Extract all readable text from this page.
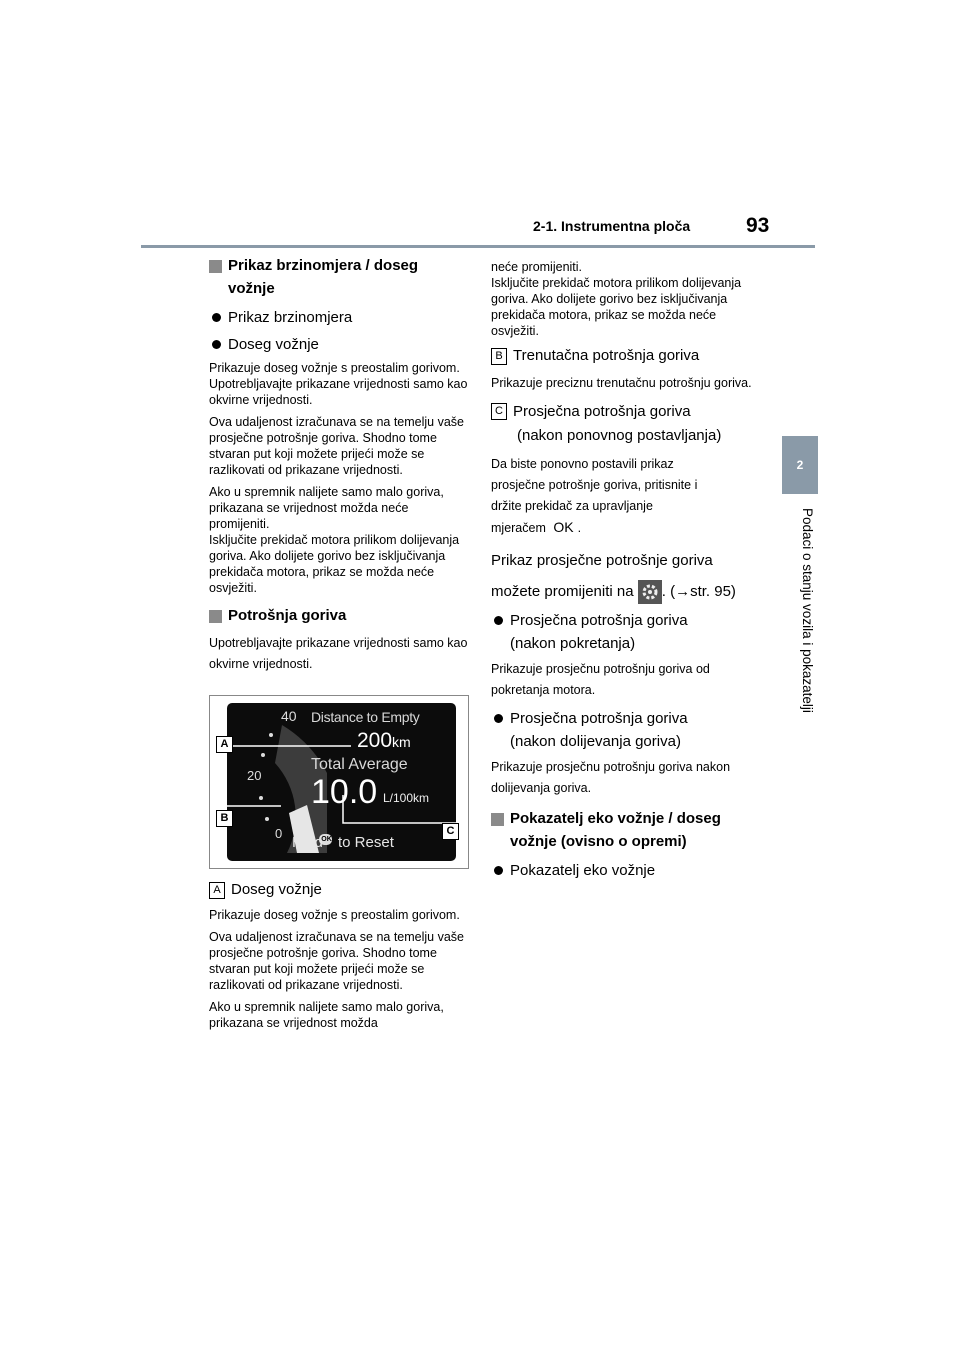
2-1. Instrumentna ploča	93
2
Podaci o stanju vozila i pokazatelji
Prikaz brzinomjera / doseg
vožnje
Prikaz brzinomjera
Doseg vožnje

Prikazuje doseg vožnje s preostalim gorivom. Upotrebljavajte prikazane vrijednosti samo kao okvirne vrijednosti.

Ova udaljenost izračunava se na temelju vaše prosječne potrošnje goriva. Shodno tome stvaran put koji možete prijeći može se razlikovati od prikazane vrijednosti.

Ako u spremnik nalijete samo malo goriva, prikazana se vrijednost možda neće promijeniti.
Isključite prekidač motora prilikom dolijevanja goriva. Ako dolijete gorivo bez isključivanja prekidača motora, prikaz se možda neće osvježiti.

Potrošnja goriva

Upotrebljavajte prikazane vrijednosti samo kao okvirne vrijednosti.

40
20
0
Distance to Empty
200km
Total Average
10.0 L/100km
Hold
OK to Reset
A
B
C
A Doseg vožnje

Prikazuje doseg vožnje s preostalim gorivom.

Ova udaljenost izračunava se na temelju vaše prosječne potrošnje goriva. Shodno tome stvaran put koji možete prijeći može se razlikovati od prikazane vrijednosti.

Ako u spremnik nalijete samo malo goriva, prikazana se vrijednost možda

neće promijeniti.
Isključite prekidač motora prilikom dolijevanja goriva. Ako dolijete gorivo bez isključivanja prekidača motora, prikaz se možda neće osvježiti.

B Trenutačna potrošnja goriva

Prikazuje preciznu trenutačnu potrošnju goriva.

C Prosječna potrošnja goriva
(nakon ponovnog postavljanja)

Da biste ponovno postavili prikaz
prosječne potrošnje goriva, pritisnite i
držite prekidač za upravljanje
mjeračem OK .

Prikaz prosječne potrošnje goriva
možete promijeniti na . (→str. 95)

Prosječna potrošnja goriva
(nakon pokretanja)

Prikazuje prosječnu potrošnju goriva od pokretanja motora.

Prosječna potrošnja goriva
(nakon dolijevanja goriva)

Prikazuje prosječnu potrošnju goriva nakon dolijevanja goriva.

Pokazatelj eko vožnje / doseg
vožnje (ovisno o opremi)
Pokazatelj eko vožnje
